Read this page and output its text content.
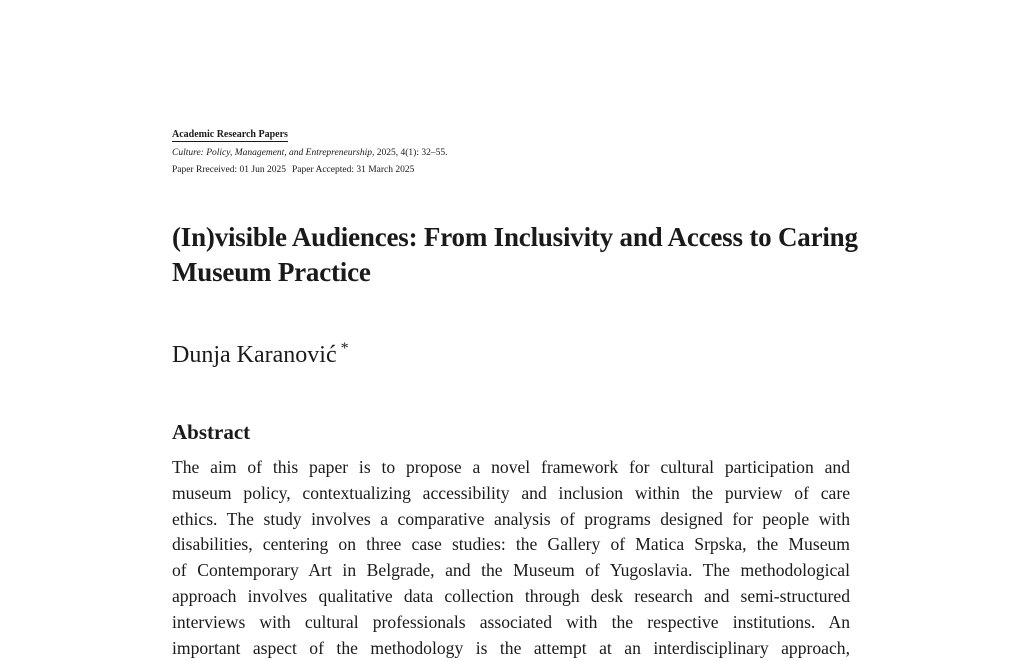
Academic Research Papers
Culture: Policy, Management, and Entrepreneurship, 2025, 4(1): 32–55.
Paper Rreceived: 01 Jun 2025 Paper Accepted: 31 March 2025
(In)visible Audiences: From Inclusivity and Access to Caring Museum Practice
Dunja Karanović *
Abstract
The aim of this paper is to propose a novel framework for cultural participation and
museum policy, contextualizing accessibility and inclusion within the purview of care
ethics. The study involves a comparative analysis of programs designed for people with
disabilities, centering on three case studies: the Gallery of Matica Srpska, the Museum
of Contemporary Art in Belgrade, and the Museum of Yugoslavia. The methodological
approach involves qualitative data collection through desk research and semi-structured
interviews with cultural professionals associated with the respective institutions. An
important aspect of the methodology is the attempt at an interdisciplinary approach,
